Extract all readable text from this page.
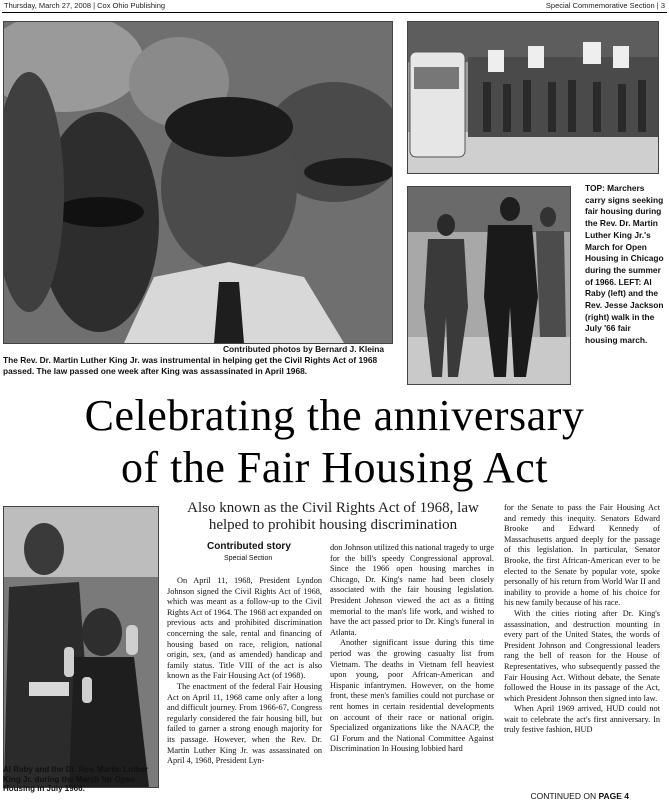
Thursday, March 27, 2008 | Cox Ohio Publishing	Special Commemorative Section | 3
Contributed photos by Bernard J. Kleina
The Rev. Dr. Martin Luther King Jr. was instrumental in helping get the Civil Rights Act of 1968 passed. The law passed one week after King was assassinated in April 1968.
TOP: Marchers carry signs seeking fair housing during the Rev. Dr. Martin Luther King Jr.'s March for Open Housing in Chicago during the summer of 1966. LEFT: Al Raby (left) and the Rev. Jesse Jackson (right) walk in the July '66 fair housing march.
Celebrating the anniversary
of the Fair Housing Act
Al Raby and the Dr. Rev. Martin Luther King Jr. during the March for Open Housing in July 1966.
Also known as the Civil Rights Act of 1968, law helped to prohibit housing discrimination
Contributed story
Special Section

On April 11, 1968, President Lyndon Johnson signed the Civil Rights Act of 1968, which was meant as a follow-up to the Civil Rights Act of 1964. The 1968 act expanded on previous acts and prohibited discrimination concerning the sale, rental and financing of housing based on race, religion, national origin, sex, (and as amended) handicap and family status. Title VIII of the act is also known as the Fair Housing Act (of 1968).

The enactment of the federal Fair Housing Act on April 11, 1968 came only after a long and difficult journey. From 1966-67, Congress regularly considered the fair housing bill, but failed to garner a strong enough majority for its passage. However, when the Rev. Dr. Martin Luther King Jr. was assassinated on April 4, 1968, President Lyn-

don Johnson utilized this national tragedy to urge for the bill's speedy Congressional approval. Since the 1966 open housing marches in Chicago, Dr. King's name had been closely associated with the fair housing legislation. President Johnson viewed the act as a fitting memorial to the man's life work, and wished to have the act passed prior to Dr. King's funeral in Atlanta.

Another significant issue during this time period was the growing casualty list from Vietnam. The deaths in Vietnam fell heaviest upon young, poor African-American and Hispanic infantrymen. However, on the home front, these men's families could not purchase or rent homes in certain residential developments on account of their race or national origin. Specialized organizations like the NAACP, the GI Forum and the National Committee Against Discrimination In Housing lobbied hard

for the Senate to pass the Fair Housing Act and remedy this inequity. Senators Edward Brooke and Edward Kennedy of Massachusetts argued deeply for the passage of this legislation. In particular, Senator Brooke, the first African-American ever to be elected to the Senate by popular vote, spoke personally of his return from World War II and inability to provide a home of his choice for his new family because of his race.

With the cities rioting after Dr. King's assassination, and destruction mounting in every part of the United States, the words of President Johnson and Congressional leaders rang the bell of reason for the House of Representatives, who subsequently passed the Fair Housing Act. Without debate, the Senate followed the House in its passage of the Act, which President Johnson then signed into law.

When April 1969 arrived, HUD could not wait to celebrate the act's first anniversary. In truly festive fashion, HUD

CONTINUED ON PAGE 4
